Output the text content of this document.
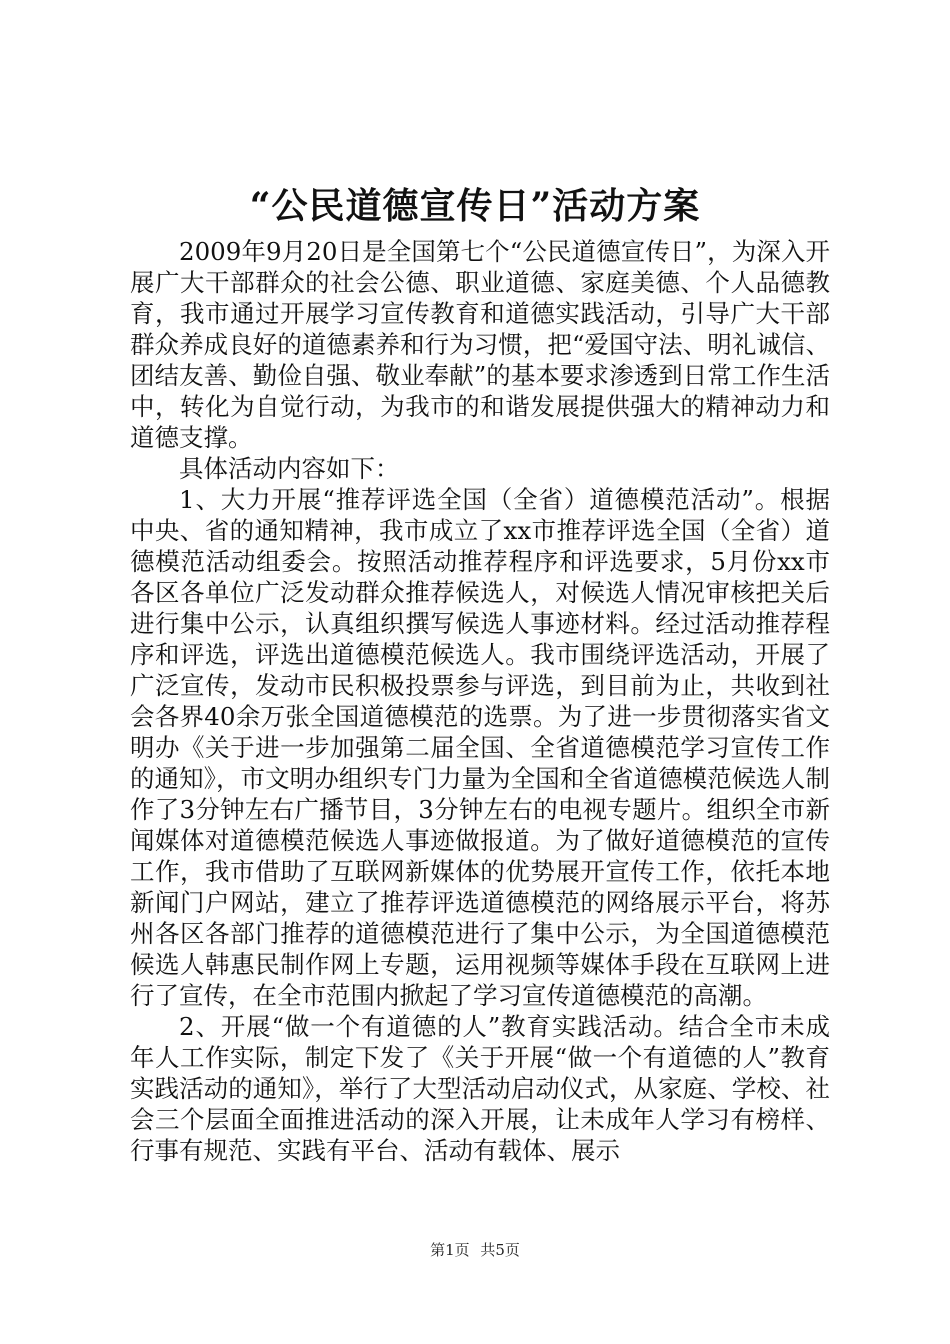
“公民道德宣传日”活动方案

2009年9月20日是全国第七个“公民道德宣传日”，为深入开展广大干部群众的社会公德、职业道德、家庭美德、个人品德教育，我市通过开展学习宣传教育和道德实践活动，引导广大干部群众养成良好的道德素养和行为习惯，把“爱国守法、明礼诚信、团结友善、勤俭自强、敬业奉献”的基本要求渗透到日常工作生活中，转化为自觉行动，为我市的和谐发展提供强大的精神动力和道德支撑。

具体活动内容如下：

1、大力开展“推荐评选全国（全省）道德模范活动”。根据中央、省的通知精神，我市成立了xx市推荐评选全国（全省）道德模范活动组委会。按照活动推荐程序和评选要求，5月份xx市各区各单位广泛发动群众推荐候选人，对候选人情况审核把关后进行集中公示，认真组织撰写候选人事迹材料。经过活动推荐程序和评选，评选出道德模范候选人。我市围绕评选活动，开展了广泛宣传，发动市民积极投票参与评选，到目前为止，共收到社会各界40余万张全国道德模范的选票。为了进一步贯彻落实省文明办《关于进一步加强第二届全国、全省道德模范学习宣传工作的通知》，市文明办组织专门力量为全国和全省道德模范候选人制作了3分钟左右广播节目，3分钟左右的电视专题片。组织全市新闻媒体对道德模范候选人事迹做报道。为了做好道德模范的宣传工作，我市借助了互联网新媒体的优势展开宣传工作，依托本地新闻门户网站，建立了推荐评选道德模范的网络展示平台，将苏州各区各部门推荐的道德模范进行了集中公示，为全国道德模范候选人韩惠民制作网上专题，运用视频等媒体手段在互联网上进行了宣传，在全市范围内掀起了学习宣传道德模范的高潮。

2、开展“做一个有道德的人”教育实践活动。结合全市未成年人工作实际，制定下发了《关于开展“做一个有道德的人”教育实践活动的通知》，举行了大型活动启动仪式，从家庭、学校、社会三个层面全面推进活动的深入开展，让未成年人学习有榜样、行事有规范、实践有平台、活动有载体、展示

第1页 共5页
